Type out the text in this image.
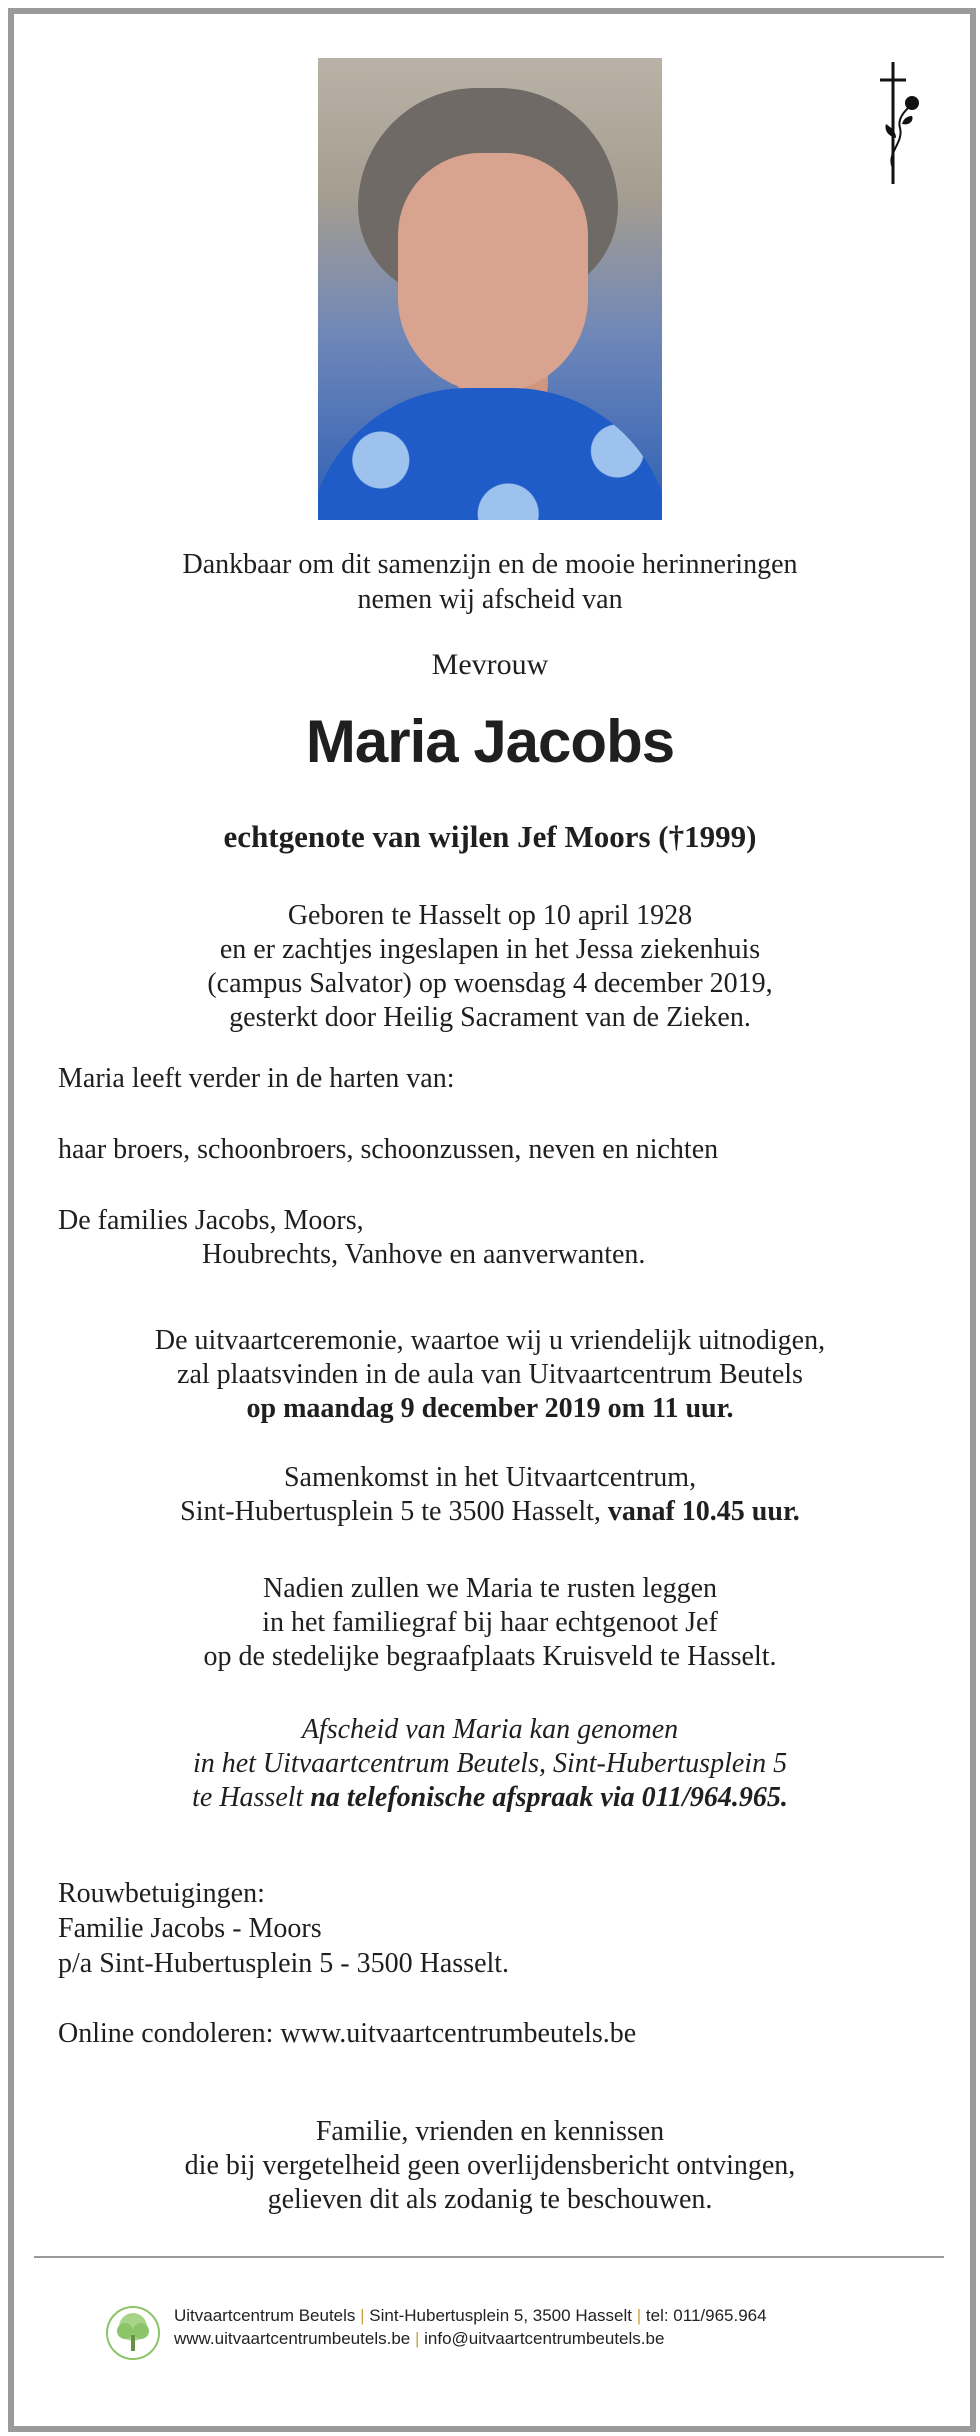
Dankbaar om dit samenzijn en de mooie herinneringen
nemen wij afscheid van
Mevrouw
Maria Jacobs
echtgenote van wijlen Jef Moors (†1999)
Geboren te Hasselt op 10 april 1928
en er zachtjes ingeslapen in het Jessa ziekenhuis
(campus Salvator) op woensdag 4 december 2019,
gesterkt door Heilig Sacrament van de Zieken.
Maria leeft verder in de harten van:
haar broers, schoonbroers, schoonzussen, neven en nichten
De families Jacobs, Moors,
Houbrechts, Vanhove en aanverwanten.
De uitvaartceremonie, waartoe wij u vriendelijk uitnodigen,
zal plaatsvinden in de aula van Uitvaartcentrum Beutels
op maandag 9 december 2019 om 11 uur.
Samenkomst in het Uitvaartcentrum,
Sint-Hubertusplein 5 te 3500 Hasselt, vanaf 10.45 uur.
Nadien zullen we Maria te rusten leggen
in het familiegraf bij haar echtgenoot Jef
op de stedelijke begraafplaats Kruisveld te Hasselt.
Afscheid van Maria kan genomen
in het Uitvaartcentrum Beutels, Sint-Hubertusplein 5
te Hasselt na telefonische afspraak via 011/964.965.
Rouwbetuigingen:
Familie Jacobs - Moors
p/a Sint-Hubertusplein 5 - 3500 Hasselt.
Online condoleren: www.uitvaartcentrumbeutels.be
Familie, vrienden en kennissen
die bij vergetelheid geen overlijdensbericht ontvingen,
gelieven dit als zodanig te beschouwen.
Uitvaartcentrum Beutels | Sint-Hubertusplein 5, 3500 Hasselt | tel: 011/965.964
www.uitvaartcentrumbeutels.be | info@uitvaartcentrumbeutels.be
